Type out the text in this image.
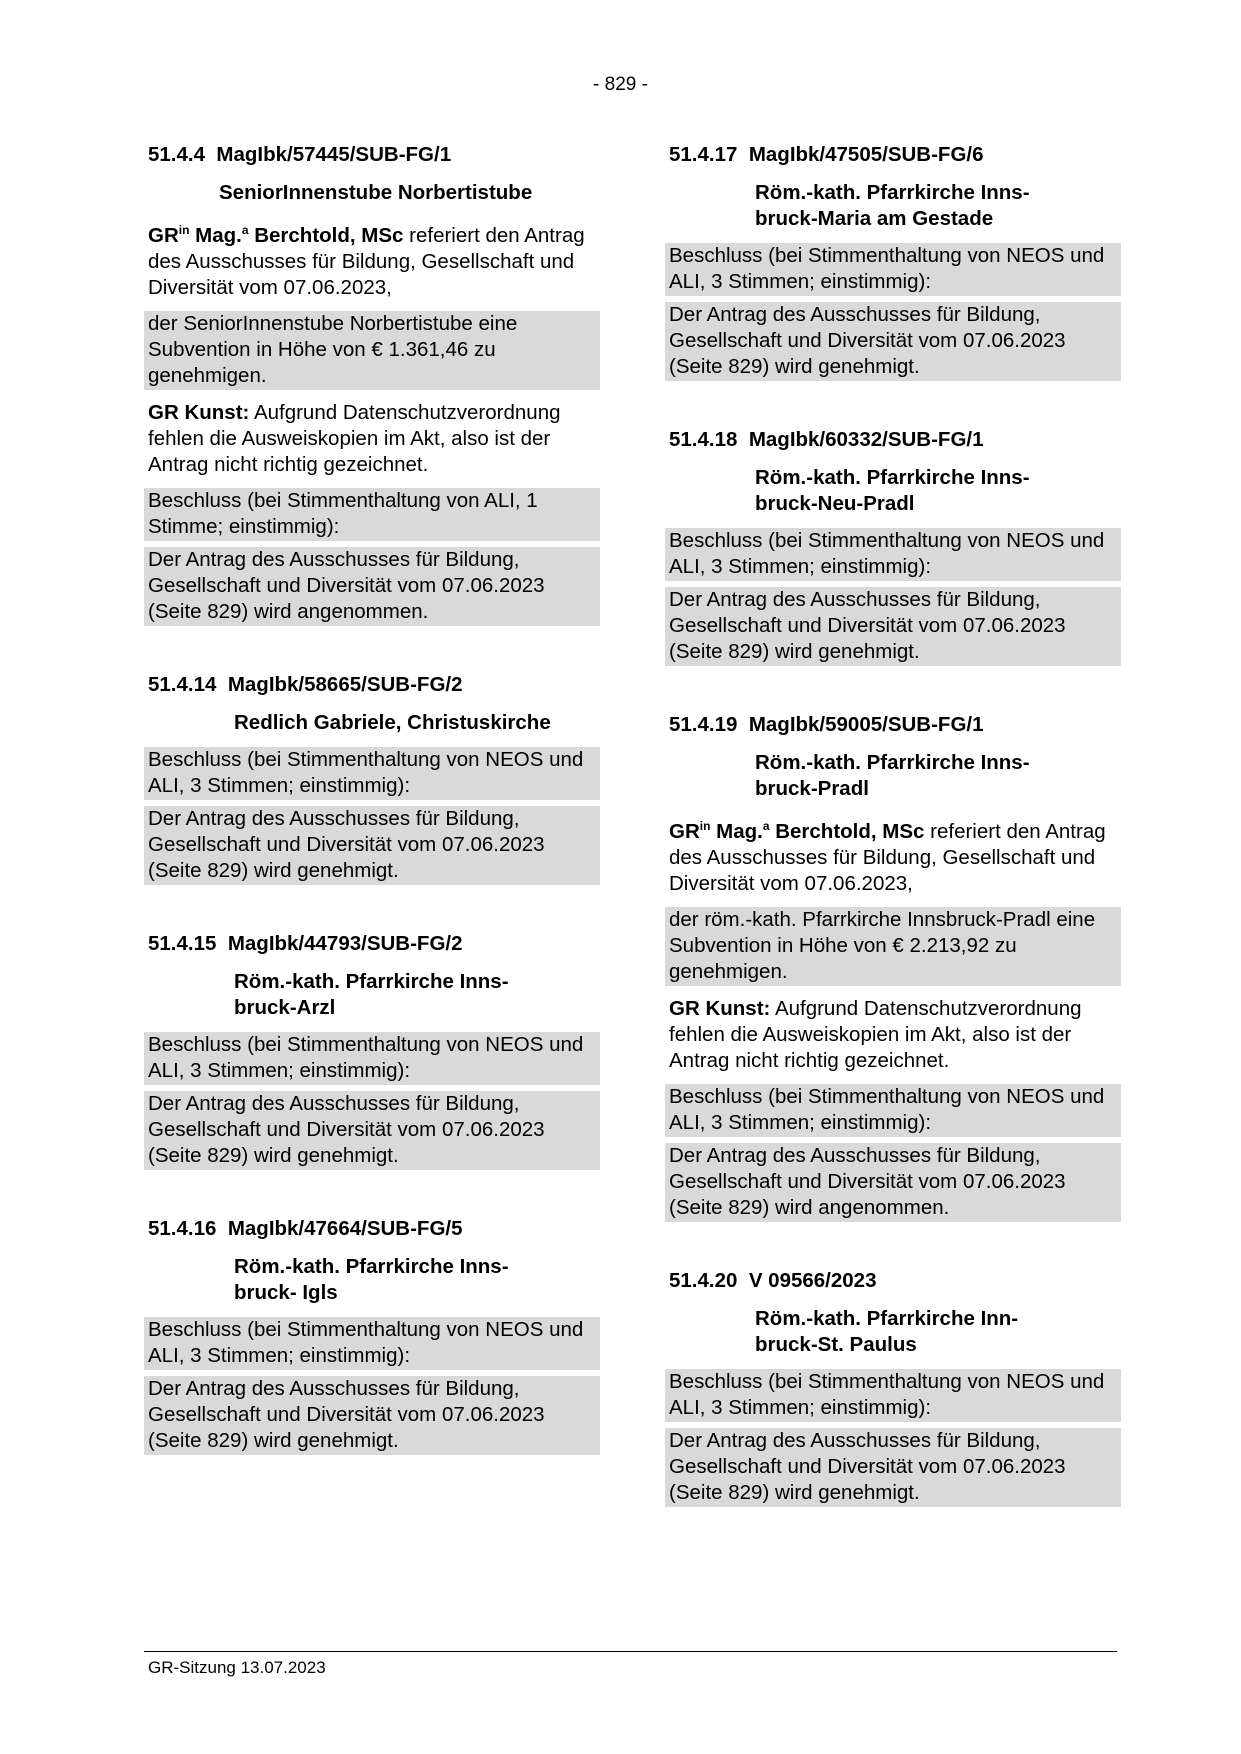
- 829 -
51.4.4 MagIbk/57445/SUB-FG/1
SeniorInnenstube Norbertistube
$GR^{in}$ Mag.$^a$ Berchtold, MSc referiert den Antrag des Ausschusses für Bildung, Gesellschaft und Diversität vom 07.06.2023,
der SeniorInnenstube Norbertistube eine Subvention in Höhe von € 1.361,46 zu genehmigen.
GR Kunst: Aufgrund Datenschutzverordnung fehlen die Ausweiskopien im Akt, also ist der Antrag nicht richtig gezeichnet.
Beschluss (bei Stimmenthaltung von ALI, 1 Stimme; einstimmig):
Der Antrag des Ausschusses für Bildung, Gesellschaft und Diversität vom 07.06.2023 (Seite 829) wird angenommen.
51.4.14 MagIbk/58665/SUB-FG/2
Redlich Gabriele, Christuskirche
Beschluss (bei Stimmenthaltung von NEOS und ALI, 3 Stimmen; einstimmig):
Der Antrag des Ausschusses für Bildung, Gesellschaft und Diversität vom 07.06.2023 (Seite 829) wird genehmigt.
51.4.15 MagIbk/44793/SUB-FG/2
Röm.-kath. Pfarrkirche Inns-
bruck-Arzl
Beschluss (bei Stimmenthaltung von NEOS und ALI, 3 Stimmen; einstimmig):
Der Antrag des Ausschusses für Bildung, Gesellschaft und Diversität vom 07.06.2023 (Seite 829) wird genehmigt.
51.4.16 MagIbk/47664/SUB-FG/5
Röm.-kath. Pfarrkirche Inns-
bruck- Igls
Beschluss (bei Stimmenthaltung von NEOS und ALI, 3 Stimmen; einstimmig):
Der Antrag des Ausschusses für Bildung, Gesellschaft und Diversität vom 07.06.2023 (Seite 829) wird genehmigt.
51.4.17 MagIbk/47505/SUB-FG/6
Röm.-kath. Pfarrkirche Inns-
bruck-Maria am Gestade
Beschluss (bei Stimmenthaltung von NEOS und ALI, 3 Stimmen; einstimmig):
Der Antrag des Ausschusses für Bildung, Gesellschaft und Diversität vom 07.06.2023 (Seite 829) wird genehmigt.
51.4.18 MagIbk/60332/SUB-FG/1
Röm.-kath. Pfarrkirche Inns-
bruck-Neu-Pradl
Beschluss (bei Stimmenthaltung von NEOS und ALI, 3 Stimmen; einstimmig):
Der Antrag des Ausschusses für Bildung, Gesellschaft und Diversität vom 07.06.2023 (Seite 829) wird genehmigt.
51.4.19 MagIbk/59005/SUB-FG/1
Röm.-kath. Pfarrkirche Inns-
bruck-Pradl
$GR^{in}$ Mag.$^a$ Berchtold, MSc referiert den Antrag des Ausschusses für Bildung, Gesellschaft und Diversität vom 07.06.2023,
der röm.-kath. Pfarrkirche Innsbruck-Pradl eine Subvention in Höhe von € 2.213,92 zu genehmigen.
GR Kunst: Aufgrund Datenschutzverordnung fehlen die Ausweiskopien im Akt, also ist der Antrag nicht richtig gezeichnet.
Beschluss (bei Stimmenthaltung von NEOS und ALI, 3 Stimmen; einstimmig):
Der Antrag des Ausschusses für Bildung, Gesellschaft und Diversität vom 07.06.2023 (Seite 829) wird angenommen.
51.4.20 V 09566/2023
Röm.-kath. Pfarrkirche Inn-
bruck-St. Paulus
Beschluss (bei Stimmenthaltung von NEOS und ALI, 3 Stimmen; einstimmig):
Der Antrag des Ausschusses für Bildung, Gesellschaft und Diversität vom 07.06.2023 (Seite 829) wird genehmigt.
GR-Sitzung 13.07.2023
